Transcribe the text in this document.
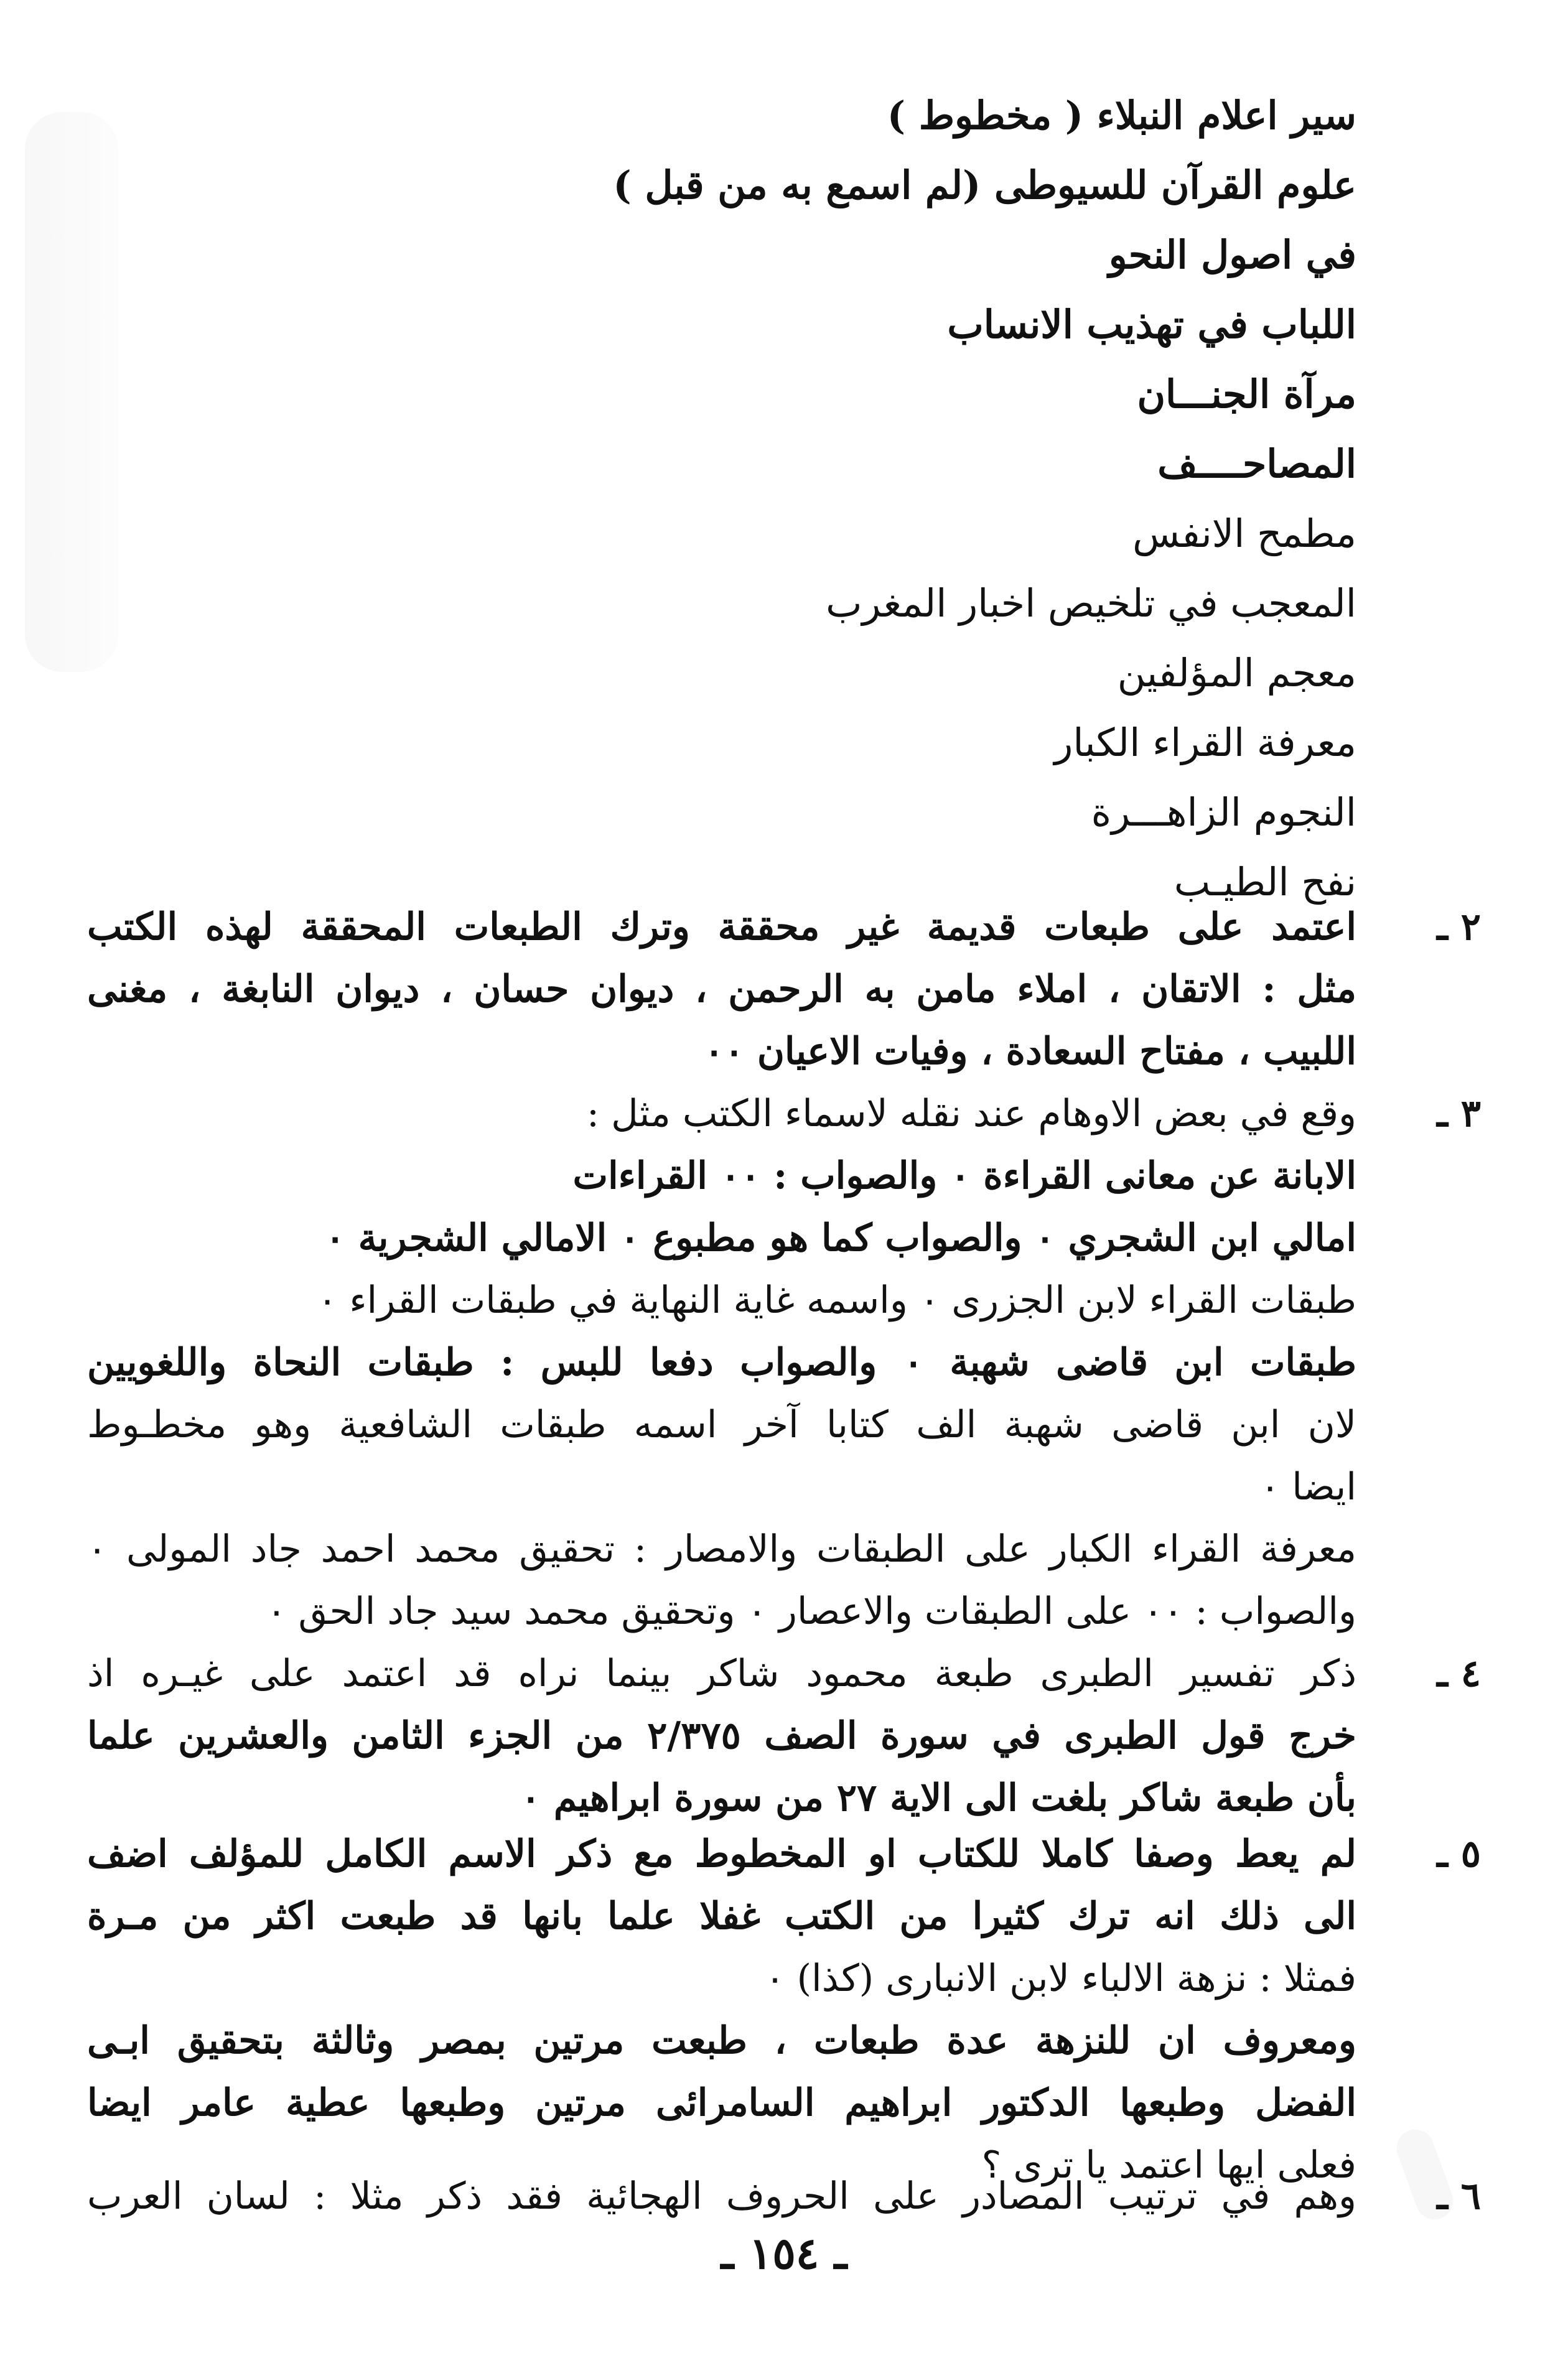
سير اعلام النبلاء ( مخطوط )
علوم القرآن للسيوطى (لم اسمع به من قبل )
في اصول النحو
اللباب في تهذيب الانساب
مرآة الجنـــان
المصاحــــف
مطمح الانفس
المعجب في تلخيص اخبار المغرب
معجم المؤلفين
معرفة القراء الكبار
النجوم الزاهـــرة
نفح الطيـب
٢ ـ
اعتمد على طبعات قديمة غير محققة وترك الطبعات المحققة لهذه الكتب
مثل : الاتقان ، املاء مامن به الرحمن ، ديوان حسان ، ديوان النابغة ، مغنى
اللبيب ، مفتاح السعادة ، وفيات الاعيان ٠٠
٣ ـ
وقع في بعض الاوهام عند نقله لاسماء الكتب مثل :
الابانة عن معانى القراءة ٠ والصواب : ٠٠ القراءات
امالي ابن الشجري ٠ والصواب كما هو مطبوع ٠ الامالي الشجرية ٠
طبقات القراء لابن الجزرى ٠ واسمه غاية النهاية في طبقات القراء ٠
طبقات ابن قاضى شهبة ٠ والصواب دفعا للبس : طبقات النحاة واللغويين
لان ابن قاضى شهبة الف كتابا آخر اسمه طبقات الشافعية وهو مخطـوط
ايضا ٠
معرفة القراء الكبار على الطبقات والامصار : تحقيق محمد احمد جاد المولى ٠
والصواب : ٠٠ على الطبقات والاعصار ٠ وتحقيق محمد سيد جاد الحق ٠
٤ ـ
ذكر تفسير الطبرى طبعة محمود شاكر بينما نراه قد اعتمد على غيـره اذ
خرج قول الطبرى في سورة الصف ٢/٣٧٥ من الجزء الثامن والعشرين علما
بأن طبعة شاكر بلغت الى الاية ٢٧ من سورة ابراهيم ٠
٥ ـ
لم يعط وصفا كاملا للكتاب او المخطوط مع ذكر الاسم الكامل للمؤلف اضف
الى ذلك انه ترك كثيرا من الكتب غفلا علما بانها قد طبعت اكثر من مـرة
فمثلا : نزهة الالباء لابن الانبارى (كذا) ٠
ومعروف ان للنزهة عدة طبعات ، طبعت مرتين بمصر وثالثة بتحقيق ابـى
الفضل وطبعها الدكتور ابراهيم السامرائى مرتين وطبعها عطية عامر ايضا
فعلى ايها اعتمد يا ترى ؟
٦ ـ
وهم في ترتيب المصادر على الحروف الهجائية فقد ذكر مثلا : لسان العرب
ـ ١٥٤ ـ
